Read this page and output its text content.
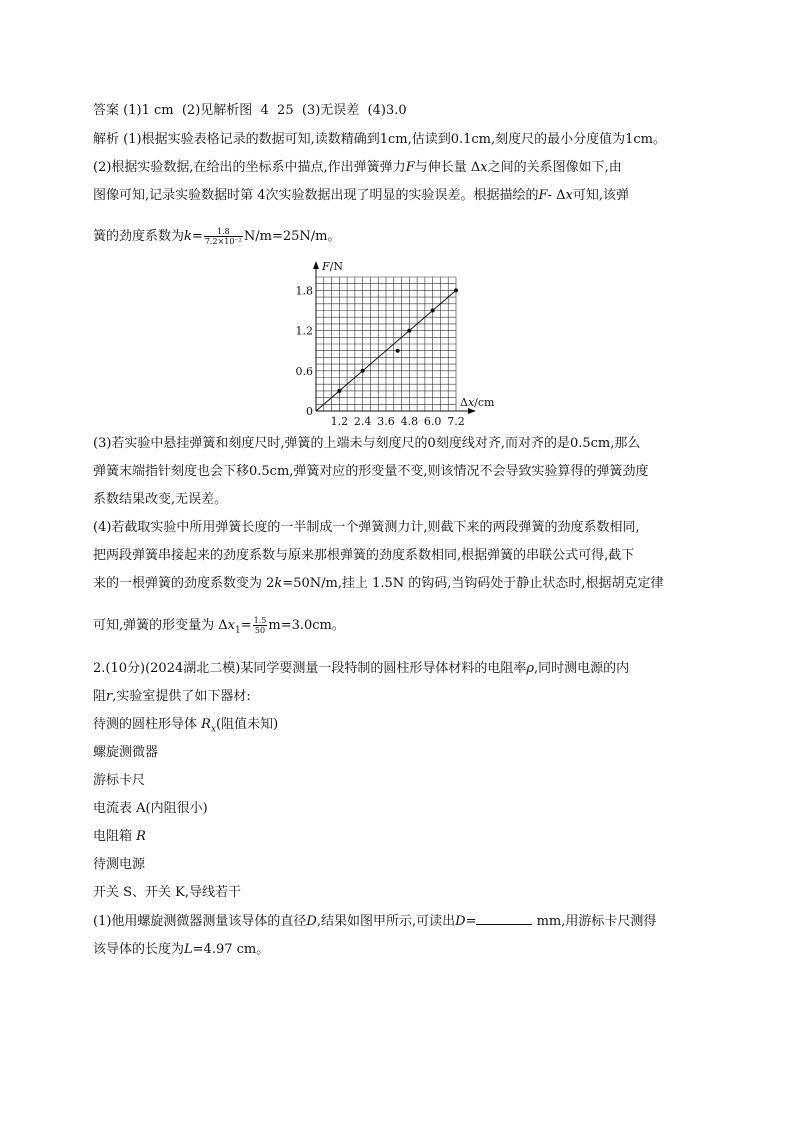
答案 (1)1 cm  (2)见解析图  4  25  (3)无误差  (4)3.0
解析 (1)根据实验表格记录的数据可知,读数精确到1cm,估读到0.1cm,刻度尺的最小分度值为1cm。
(2)根据实验数据,在给出的坐标系中描点,作出弹簧弹力F与伸长量 Δx之间的关系图像如下,由
图像可知,记录实验数据时第 4次实验数据出现了明显的实验误差。根据描绘的F- Δx可知,该弹
簧的劲度系数为$k= \frac{1.8}{\text{7.2×10⁻²}} N/m=25N/m$。
1.2 2.4 3.6 4.8 6.0 7.2
0.6
1.2
1.8
0
F/N
Δx/cm
(3)若实验中悬挂弹簧和刻度尺时,弹簧的上端未与刻度尺的0刻度线对齐,而对齐的是0.5cm,那么
弹簧末端指针刻度也会下移0.5cm,弹簧对应的形变量不变,则该情况不会导致实验算得的弹簧劲度
系数结果改变,无误差。
(4)若截取实验中所用弹簧长度的一半制成一个弹簧测力计,则截下来的两段弹簧的劲度系数相同,
把两段弹簧串接起来的劲度系数与原来那根弹簧的劲度系数相同,根据弹簧的串联公式可得,截下
来的一根弹簧的劲度系数变为 2k=50N/m,挂上 1.5N 的钩码,当钩码处于静止状态时,根据胡克定律
可知,弹簧的形变量为 $\Delta x_1= \frac{1.5}{50} m=3.0cm$。
2.(10分)(2024湖北二模)某同学要测量一段特制的圆柱形导体材料的电阻率ρ,同时测电源的内
阻r,实验室提供了如下器材:
待测的圆柱形导体 $R_x$(阻值未知)
螺旋测微器
游标卡尺
电流表 A(内阻很小)
电阻箱 R
待测电源
开关 S、开关 K,导线若干
(1)他用螺旋测微器测量该导体的直径D,结果如图甲所示,可读出D=	mm,用游标卡尺测得
该导体的长度为L=4.97 cm。
